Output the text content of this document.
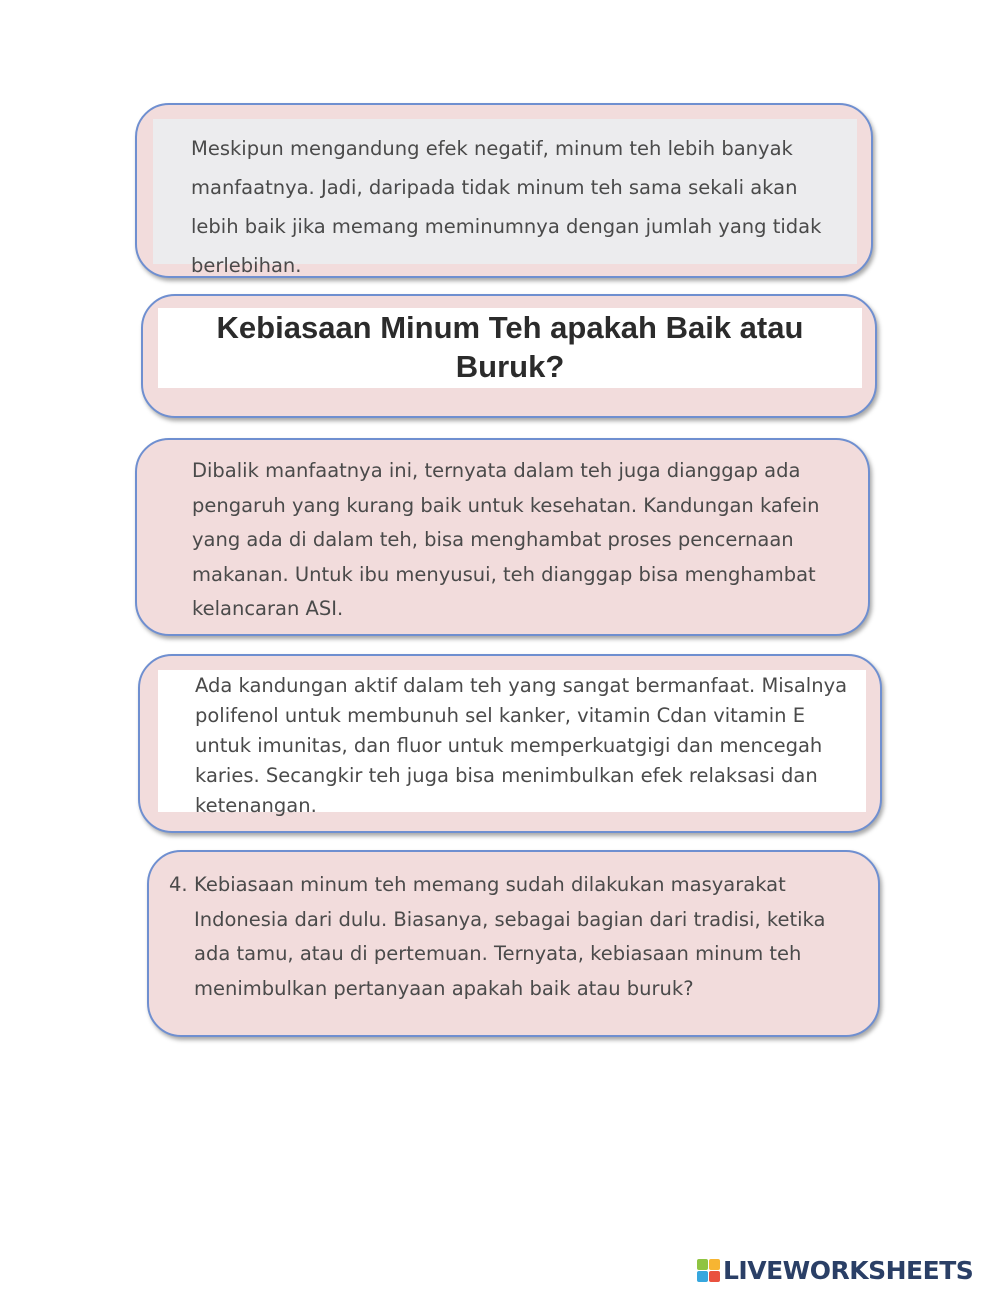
Meskipun mengandung efek negatif, minum teh lebih banyak
manfaatnya. Jadi, daripada tidak minum teh sama sekali akan
lebih baik jika memang meminumnya dengan jumlah yang tidak
berlebihan.

Kebiasaan Minum Teh apakah Baik atau
Buruk?

Dibalik manfaatnya ini, ternyata dalam teh juga dianggap ada
pengaruh yang kurang baik untuk kesehatan. Kandungan kafein
yang ada di dalam teh, bisa menghambat proses pencernaan
makanan. Untuk ibu menyusui, teh dianggap bisa menghambat
kelancaran ASI.

Ada kandungan aktif dalam teh yang sangat bermanfaat. Misalnya
polifenol untuk membunuh sel kanker, vitamin Cdan vitamin E
untuk imunitas, dan fluor untuk memperkuatgigi dan mencegah
karies. Secangkir teh juga bisa menimbulkan efek relaksasi dan
ketenangan.

4. Kebiasaan minum teh memang sudah dilakukan masyarakat
Indonesia dari dulu. Biasanya, sebagai bagian dari tradisi, ketika
ada tamu, atau di pertemuan. Ternyata, kebiasaan minum teh
menimbulkan pertanyaan apakah baik atau buruk?
LIVEWORKSHEETS
